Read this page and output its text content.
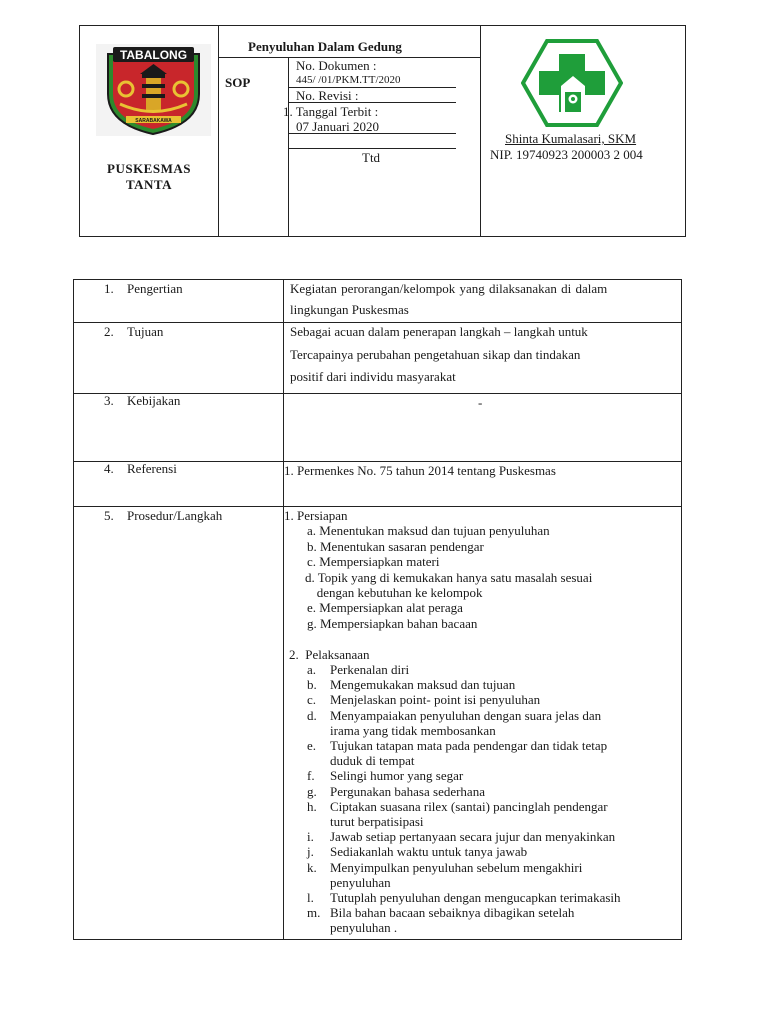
TABALONG
SARABAKAWA
PUSKESMAS
TANTA
Penyuluhan Dalam Gedung
SOP
No. Dokumen :
445/ /01/PKM.TT/2020
No. Revisi :
1. Tanggal Terbit :
07 Januari 2020
Ttd
Shinta Kumalasari, SKM
NIP. 19740923 200003 2 004
1. Pengertian
2. Tujuan
3. Kebijakan
4. Referensi
5. Prosedur/Langkah
Kegiatan perorangan/kelompok yang dilaksanakan di dalam
lingkungan Puskesmas
Sebagai acuan dalam penerapan langkah – langkah untuk
Tercapainya perubahan pengetahuan sikap dan tindakan
positif dari individu masyarakat
-
1. Permenkes No. 75 tahun 2014 tentang Puskesmas
1. Persiapan
a. Menentukan maksud dan tujuan penyuluhan
b. Menentukan sasaran pendengar
c. Mempersiapkan materi
d. Topik yang di kemukakan hanya satu masalah sesuai
dengan kebutuhan ke kelompok
e. Mempersiapkan alat peraga
g. Mempersiapkan bahan bacaan
2.  Pelaksanaan
a. Perkenalan diri
b. Mengemukakan maksud dan tujuan
c. Menjelaskan point- point isi penyuluhan
d. Menyampaiakan penyuluhan dengan suara jelas dan
irama yang tidak membosankan
e. Tujukan tatapan mata pada pendengar dan tidak tetap
duduk di tempat
f. Selingi humor yang segar
g. Pergunakan bahasa sederhana
h. Ciptakan suasana rilex (santai) pancinglah pendengar
turut berpatisipasi
i. Jawab setiap pertanyaan secara jujur dan menyakinkan
j. Sediakanlah waktu untuk tanya jawab
k. Menyimpulkan penyuluhan sebelum mengakhiri
penyuluhan
l. Tutuplah penyuluhan dengan mengucapkan terimakasih
m. Bila bahan bacaan sebaiknya dibagikan setelah
penyuluhan .
